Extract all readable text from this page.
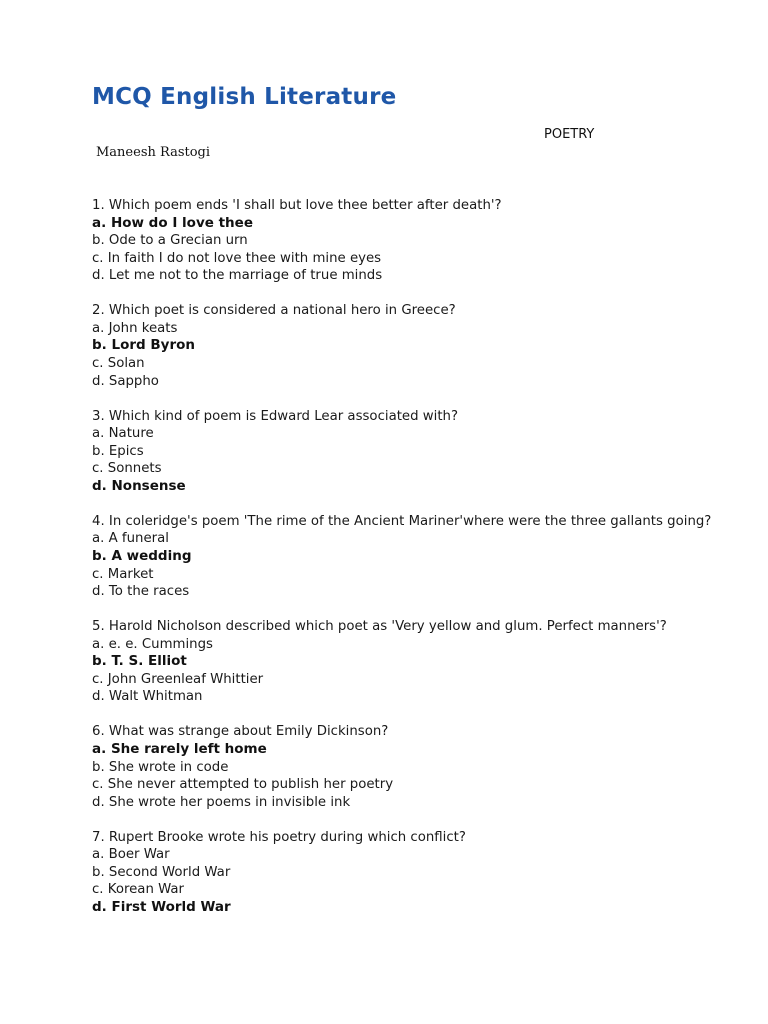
MCQ English Literature
POETRY
Maneesh Rastogi
1. Which poem ends 'I shall but love thee better after death'?
a. How do I love thee
b. Ode to a Grecian urn
c. In faith I do not love thee with mine eyes
d. Let me not to the marriage of true minds
2. Which poet is considered a national hero in Greece?
a. John keats
b. Lord Byron
c. Solan
d. Sappho
3. Which kind of poem is Edward Lear associated with?
a. Nature
b. Epics
c. Sonnets
d. Nonsense
4. In coleridge's poem 'The rime of the Ancient Mariner'where were the three gallants going?
a. A funeral
b. A wedding
c. Market
d. To the races
5. Harold Nicholson described which poet as 'Very yellow and glum. Perfect manners'?
a. e. e. Cummings
b. T. S. Elliot
c. John Greenleaf Whittier
d. Walt Whitman
6. What was strange about Emily Dickinson?
a. She rarely left home
b. She wrote in code
c. She never attempted to publish her poetry
d. She wrote her poems in invisible ink
7. Rupert Brooke wrote his poetry during which conflict?
a. Boer War
b. Second World War
c. Korean War
d. First World War
